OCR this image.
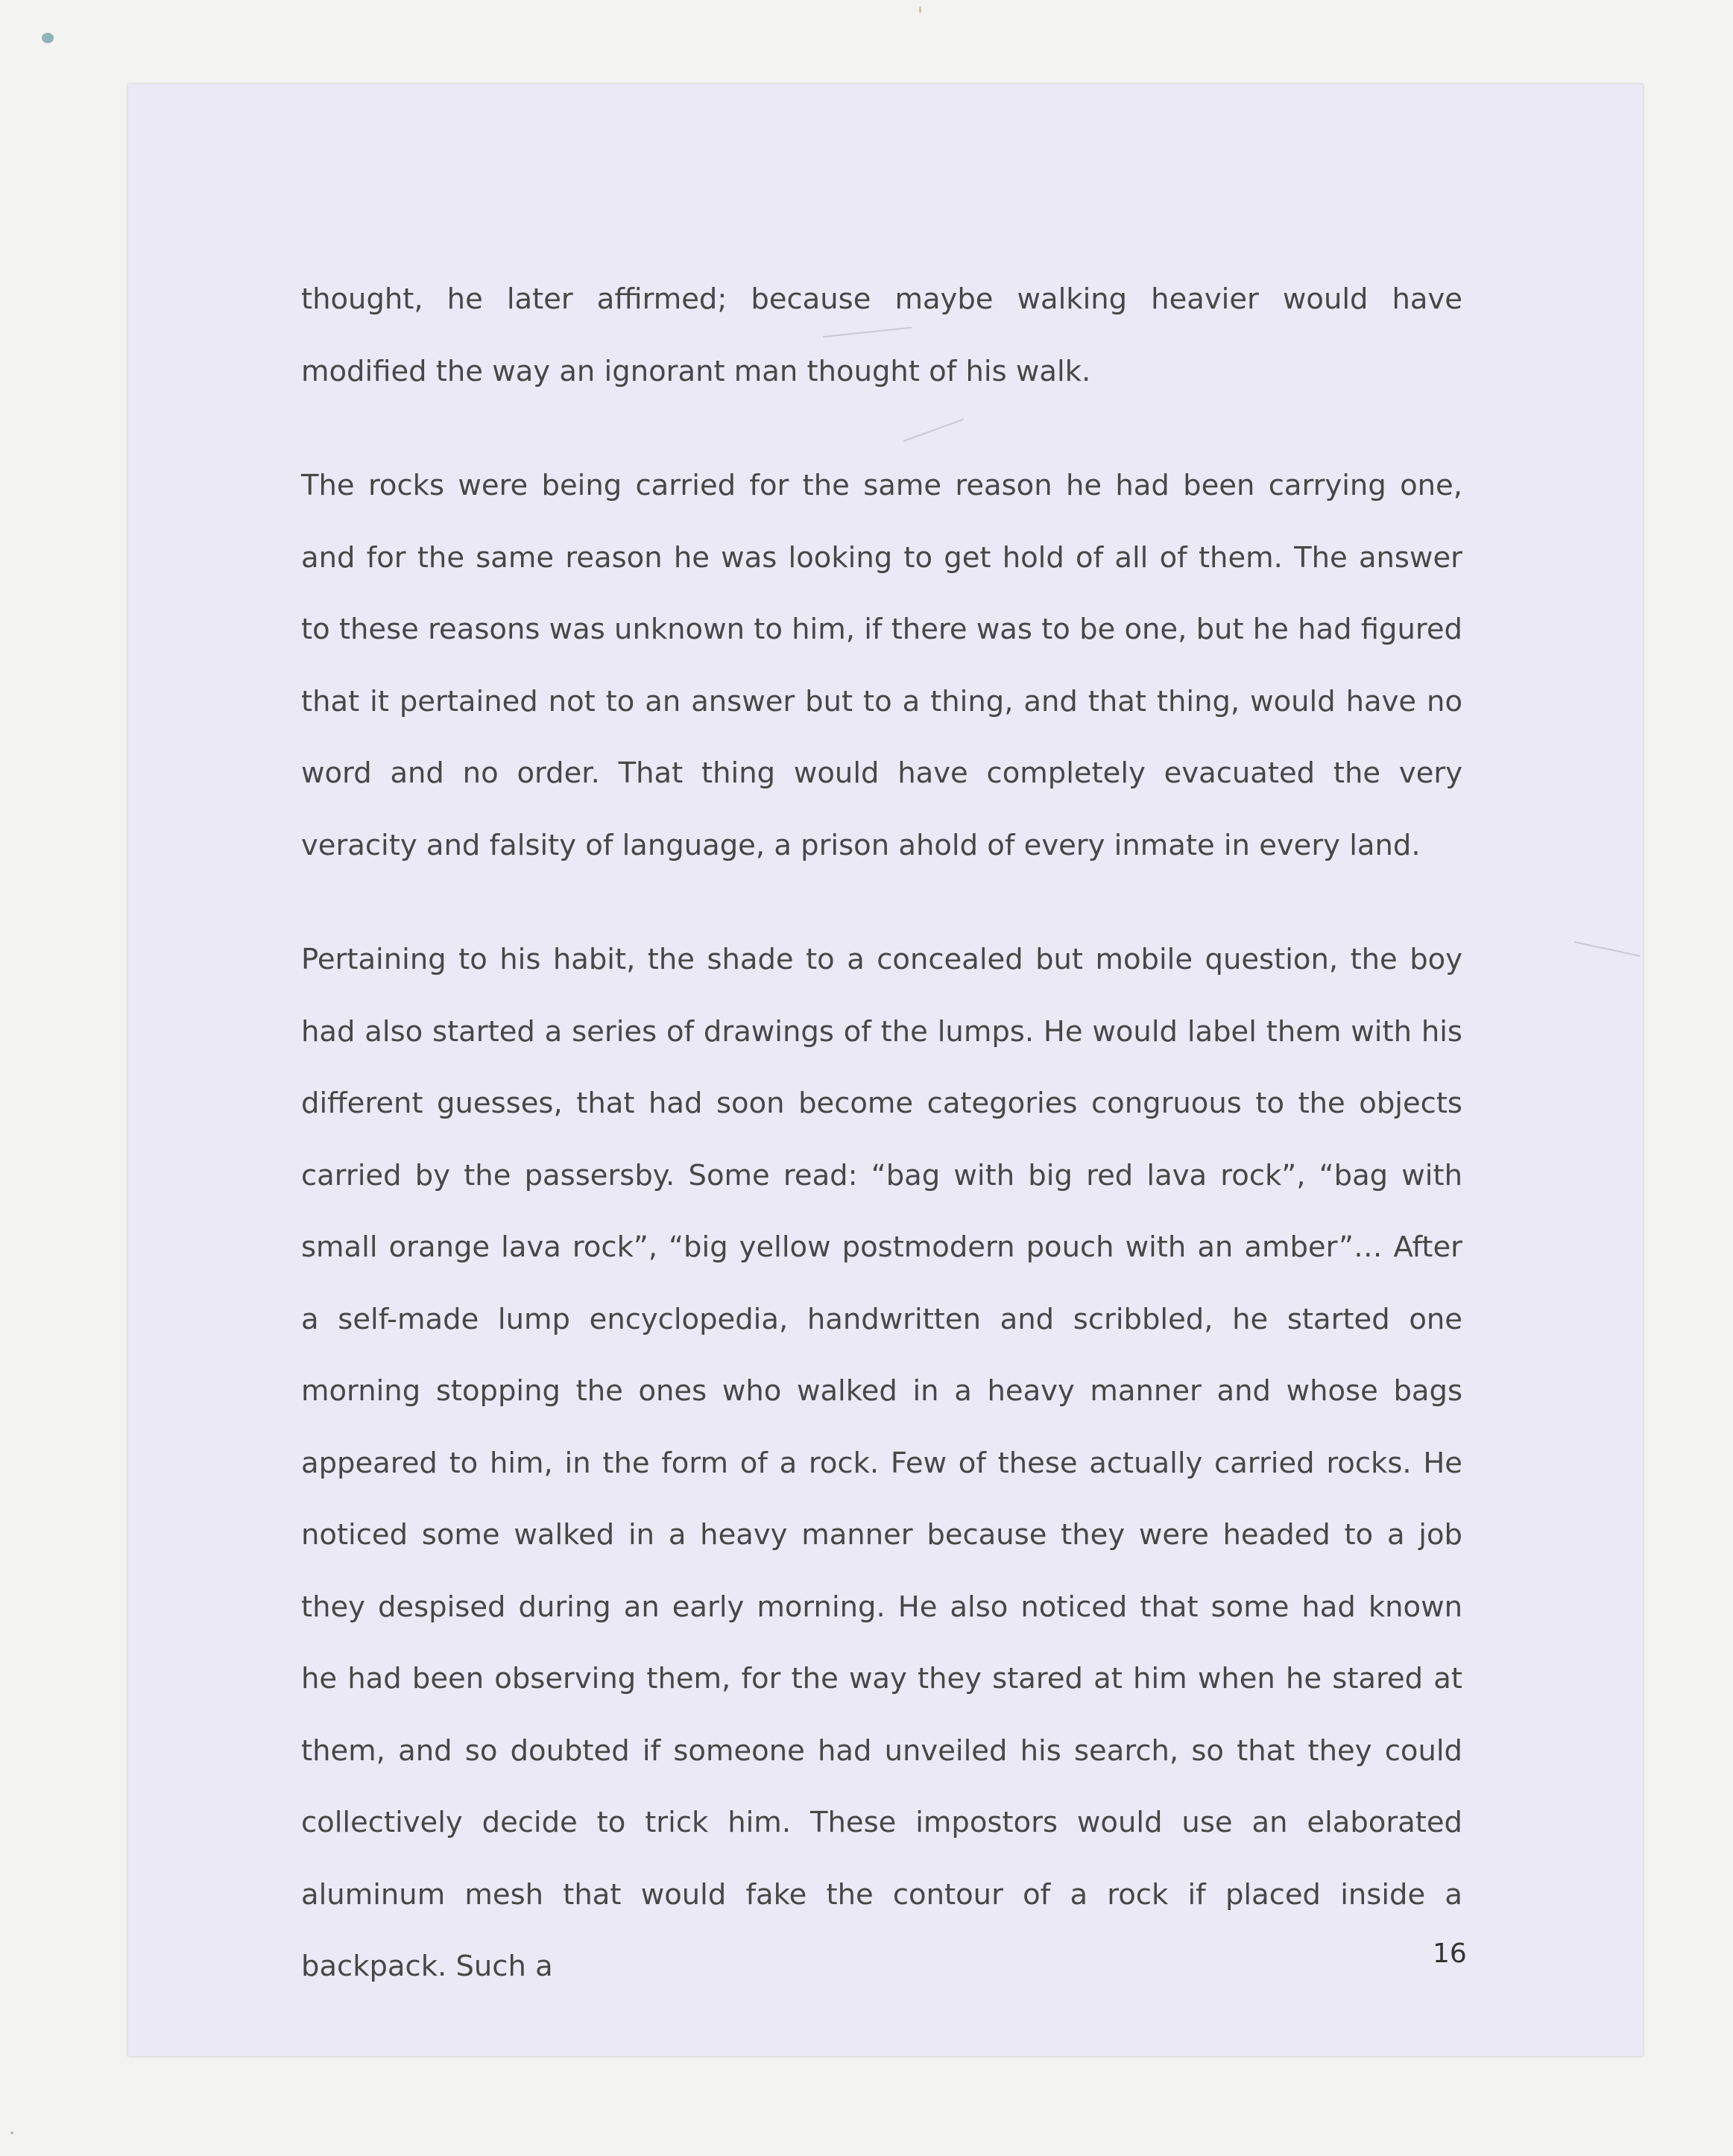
thought, he later affirmed; because maybe walking heavier would have modified the way an ignorant man thought of his walk.

The rocks were being carried for the same reason he had been carrying one, and for the same reason he was looking to get hold of all of them. The answer to these reasons was unknown to him, if there was to be one, but he had figured that it pertained not to an answer but to a thing, and that thing, would have no word and no order. That thing would have completely evacuated the very veracity and falsity of language, a prison ahold of every inmate in every land.

Pertaining to his habit, the shade to a concealed but mobile question, the boy had also started a series of drawings of the lumps. He would label them with his different guesses, that had soon become categories congruous to the objects carried by the passersby. Some read: “bag with big red lava rock”, “bag with small orange lava rock”, “big yellow postmodern pouch with an amber”… After a self-made lump encyclopedia, handwritten and scribbled, he started one morning stopping the ones who walked in a heavy manner and whose bags appeared to him, in the form of a rock. Few of these actually carried rocks. He noticed some walked in a heavy manner because they were headed to a job they despised during an early morning. He also noticed that some had known he had been observing them, for the way they stared at him when he stared at them, and so doubted if someone had unveiled his search, so that they could collectively decide to trick him. These impostors would use an elaborated aluminum mesh that would fake the contour of a rock if placed inside a backpack. Such a	16
